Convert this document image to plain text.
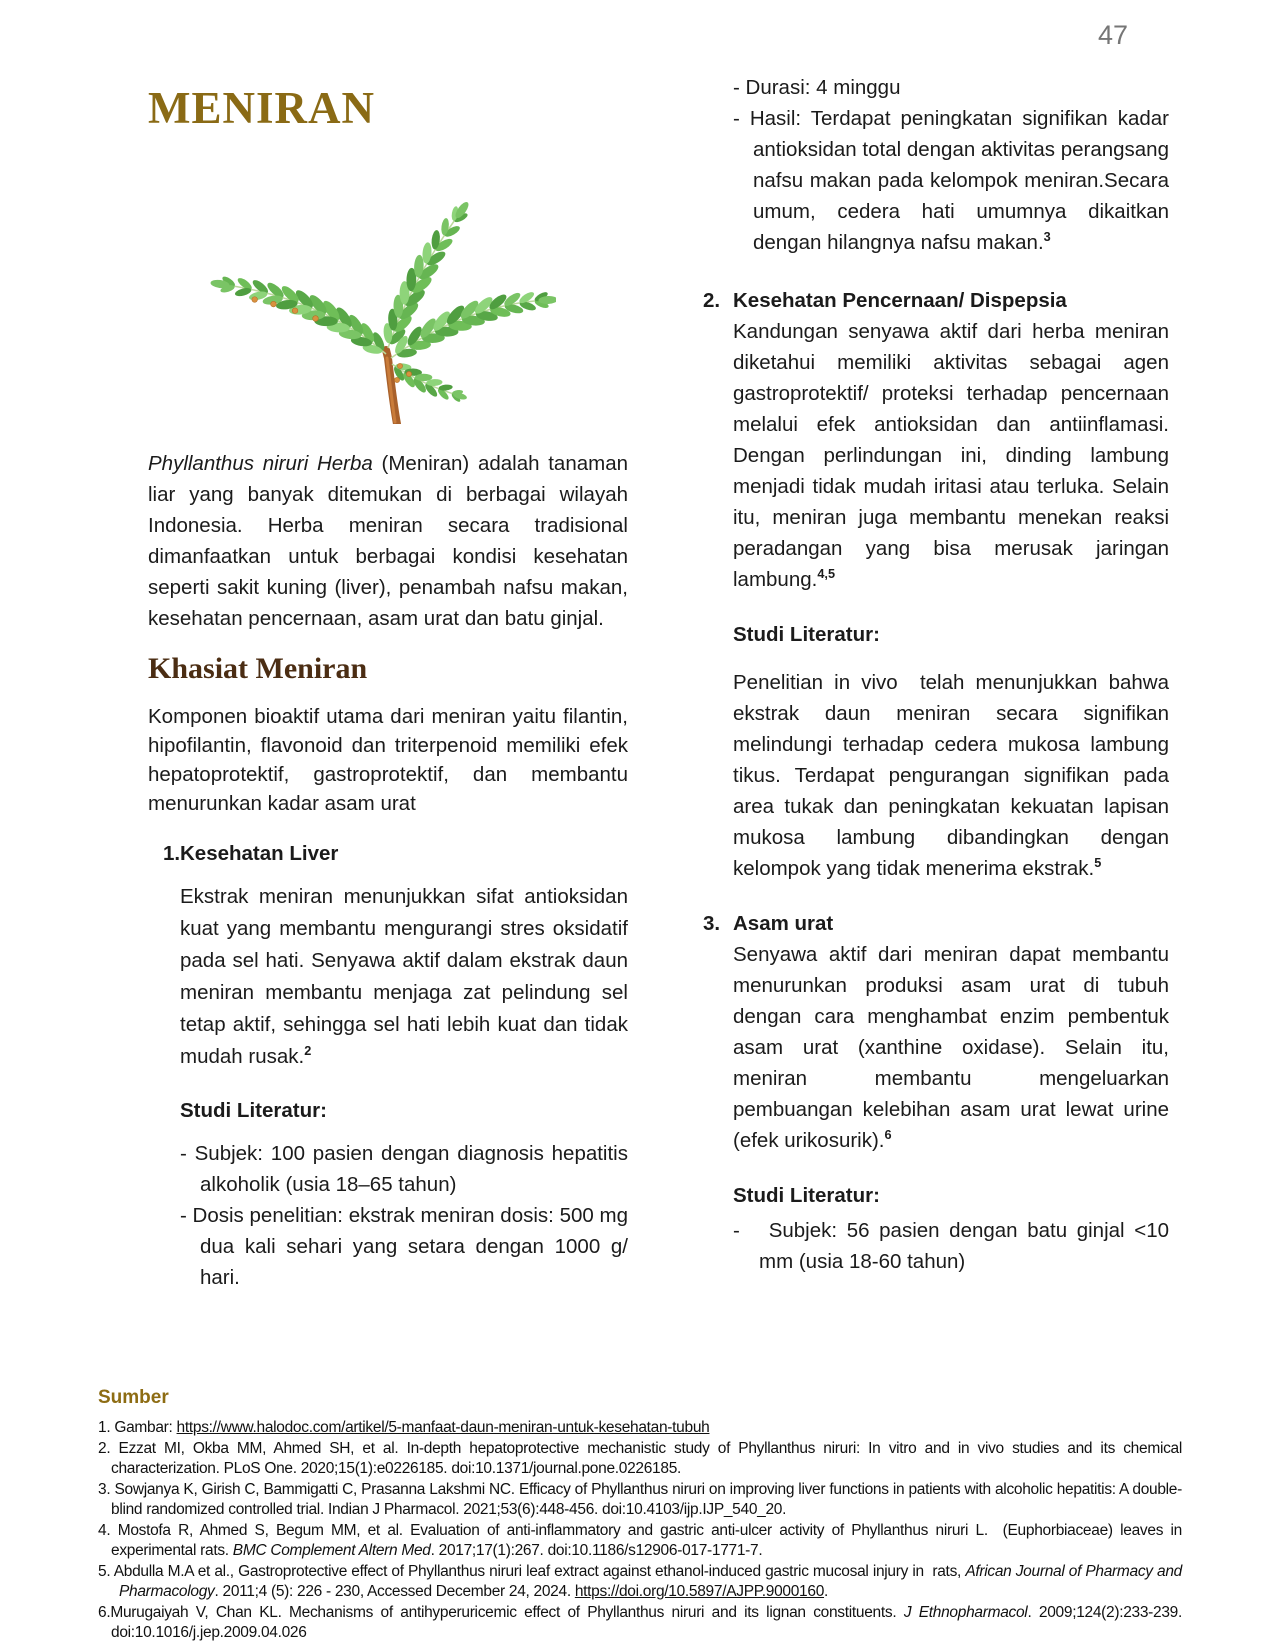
47
MENIRAN

Phyllanthus niruri Herba (Meniran) adalah tanaman liar yang banyak ditemukan di berbagai wilayah Indonesia. Herba meniran secara tradisional dimanfaatkan untuk berbagai kondisi kesehatan seperti sakit kuning (liver), penambah nafsu makan, kesehatan pencernaan, asam urat dan batu ginjal.

Khasiat Meniran

Komponen bioaktif utama dari meniran yaitu filantin, hipofilantin, flavonoid dan triterpenoid memiliki efek hepatoprotektif, gastroprotektif, dan membantu menurunkan kadar asam urat

1. Kesehatan Liver

Ekstrak meniran menunjukkan sifat antioksidan kuat yang membantu mengurangi stres oksidatif pada sel hati. Senyawa aktif dalam ekstrak daun meniran membantu menjaga zat pelindung sel tetap aktif, sehingga sel hati lebih kuat dan tidak mudah rusak.$^2$

Studi Literatur:

- Subjek: 100 pasien dengan diagnosis hepatitis alkoholik (usia 18–65 tahun)

- Dosis penelitian: ekstrak meniran dosis: 500 mg dua kali sehari yang setara dengan 1000 g/ hari.

- Durasi: 4 minggu

- Hasil: Terdapat peningkatan signifikan kadar antioksidan total dengan aktivitas perangsang nafsu makan pada kelompok meniran.Secara umum, cedera hati umumnya dikaitkan dengan hilangnya nafsu makan.$^3$

2. Kesehatan Pencernaan/ Dispepsia

Kandungan senyawa aktif dari herba meniran diketahui memiliki aktivitas sebagai agen gastroprotektif/ proteksi terhadap pencernaan melalui efek antioksidan dan antiinflamasi. Dengan perlindungan ini, dinding lambung menjadi tidak mudah iritasi atau terluka. Selain itu, meniran juga membantu menekan reaksi peradangan yang bisa merusak jaringan lambung.$^{4,5}$

Studi Literatur:

Penelitian in vivo  telah menunjukkan bahwa ekstrak daun meniran secara signifikan melindungi terhadap cedera mukosa lambung tikus. Terdapat pengurangan signifikan pada area tukak dan peningkatan kekuatan lapisan mukosa lambung dibandingkan dengan kelompok yang tidak menerima ekstrak.$^5$

3. Asam urat

Senyawa aktif dari meniran dapat membantu menurunkan produksi asam urat di tubuh dengan cara menghambat enzim pembentuk asam urat (xanthine oxidase). Selain itu, meniran membantu mengeluarkan pembuangan kelebihan asam urat lewat urine (efek urikosurik).$^6$

Studi Literatur:

-   Subjek: 56 pasien dengan batu ginjal <10 mm (usia 18-60 tahun)

Sumber

1. Gambar: https://www.halodoc.com/artikel/5-manfaat-daun-meniran-untuk-kesehatan-tubuh

2. Ezzat MI, Okba MM, Ahmed SH, et al. In-depth hepatoprotective mechanistic study of Phyllanthus niruri: In vitro and in vivo studies and its chemical characterization. PLoS One. 2020;15(1):e0226185. doi:10.1371/journal.pone.0226185.

3. Sowjanya K, Girish C, Bammigatti C, Prasanna Lakshmi NC. Efficacy of Phyllanthus niruri on improving liver functions in patients with alcoholic hepatitis: A double-blind randomized controlled trial. Indian J Pharmacol. 2021;53(6):448-456. doi:10.4103/ijp.IJP_540_20.

4. Mostofa R, Ahmed S, Begum MM, et al. Evaluation of anti-inflammatory and gastric anti-ulcer activity of Phyllanthus niruri L.  (Euphorbiaceae) leaves in experimental rats. BMC Complement Altern Med. 2017;17(1):267. doi:10.1186/s12906-017-1771-7.

5. Abdulla M.A et al., Gastroprotective effect of Phyllanthus niruri leaf extract against ethanol-induced gastric mucosal injury in  rats, African Journal of Pharmacy and Pharmacology. 2011;4 (5): 226 - 230, Accessed December 24, 2024. https://doi.org/10.5897/AJPP.9000160.

6.Murugaiyah V, Chan KL. Mechanisms of antihyperuricemic effect of Phyllanthus niruri and its lignan constituents. J Ethnopharmacol. 2009;124(2):233-239. doi:10.1016/j.jep.2009.04.026
